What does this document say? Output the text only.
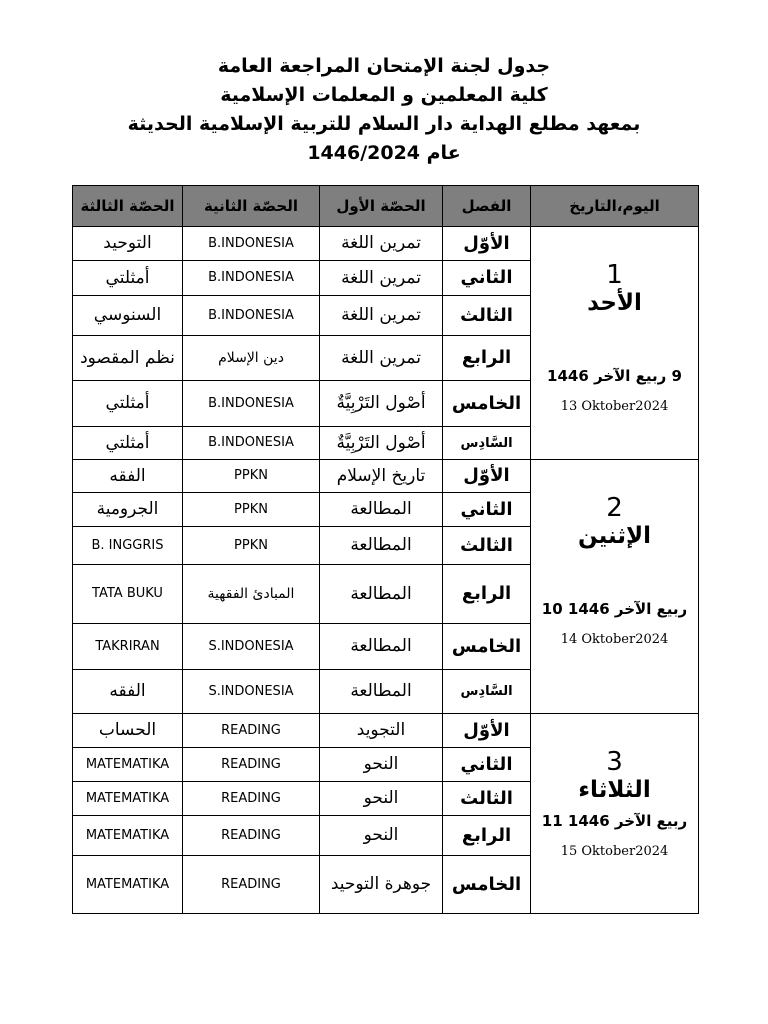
جدول لجنة الإمتحان المراجعة العامة
كلية المعلمين و المعلمات الإسلامية
بمعهد مطلع الهداية دار السلام للتربية الإسلامية الحديثة
عام 1446/2024
الحصّة الثالثة	الحصّة الثانية	الحصّة الأول	الفصل	اليوم،التاريخ
التوحيد	B.INDONESIA	تمرين اللغة	الأوّل	1
الأحد
9 ربيع الآخر 1446
13 Oktober2024

أمثلتي	B.INDONESIA	تمرين اللغة	الثاني	
السنوسي	B.INDONESIA	تمرين اللغة	الثالث	
نظم المقصود	دين الإسلام	تمرين اللغة	الرابع	
أمثلتي	B.INDONESIA	أصْول التَرْبِيَّةٌ	الخامس	
أمثلتي	B.INDONESIA	أصْول التَرْبِيَّةٌ	السَّادِس	
الفقه	PPKN	تاريخ الإسلام	الأوّل	2
الإثنين
ربيع الآخر 1446 10
14 Oktober2024

الجرومية	PPKN	المطالعة	الثاني	
B. INGGRIS	PPKN	المطالعة	الثالث	
TATA BUKU	المبادئ الفقهية	المطالعة	الرابع	
TAKRIRAN	S.INDONESIA	المطالعة	الخامس	
الفقه	S.INDONESIA	المطالعة	السَّادِس	
الحساب	READING	التجويد	الأوّل	3
الثلاثاء
ربيع الآخر 1446 11
15 Oktober2024

MATEMATIKA	READING	النحو	الثاني	
MATEMATIKA	READING	النحو	الثالث	
MATEMATIKA	READING	النحو	الرابع	
MATEMATIKA	READING	جوهرة التوحيد	الخامس	
